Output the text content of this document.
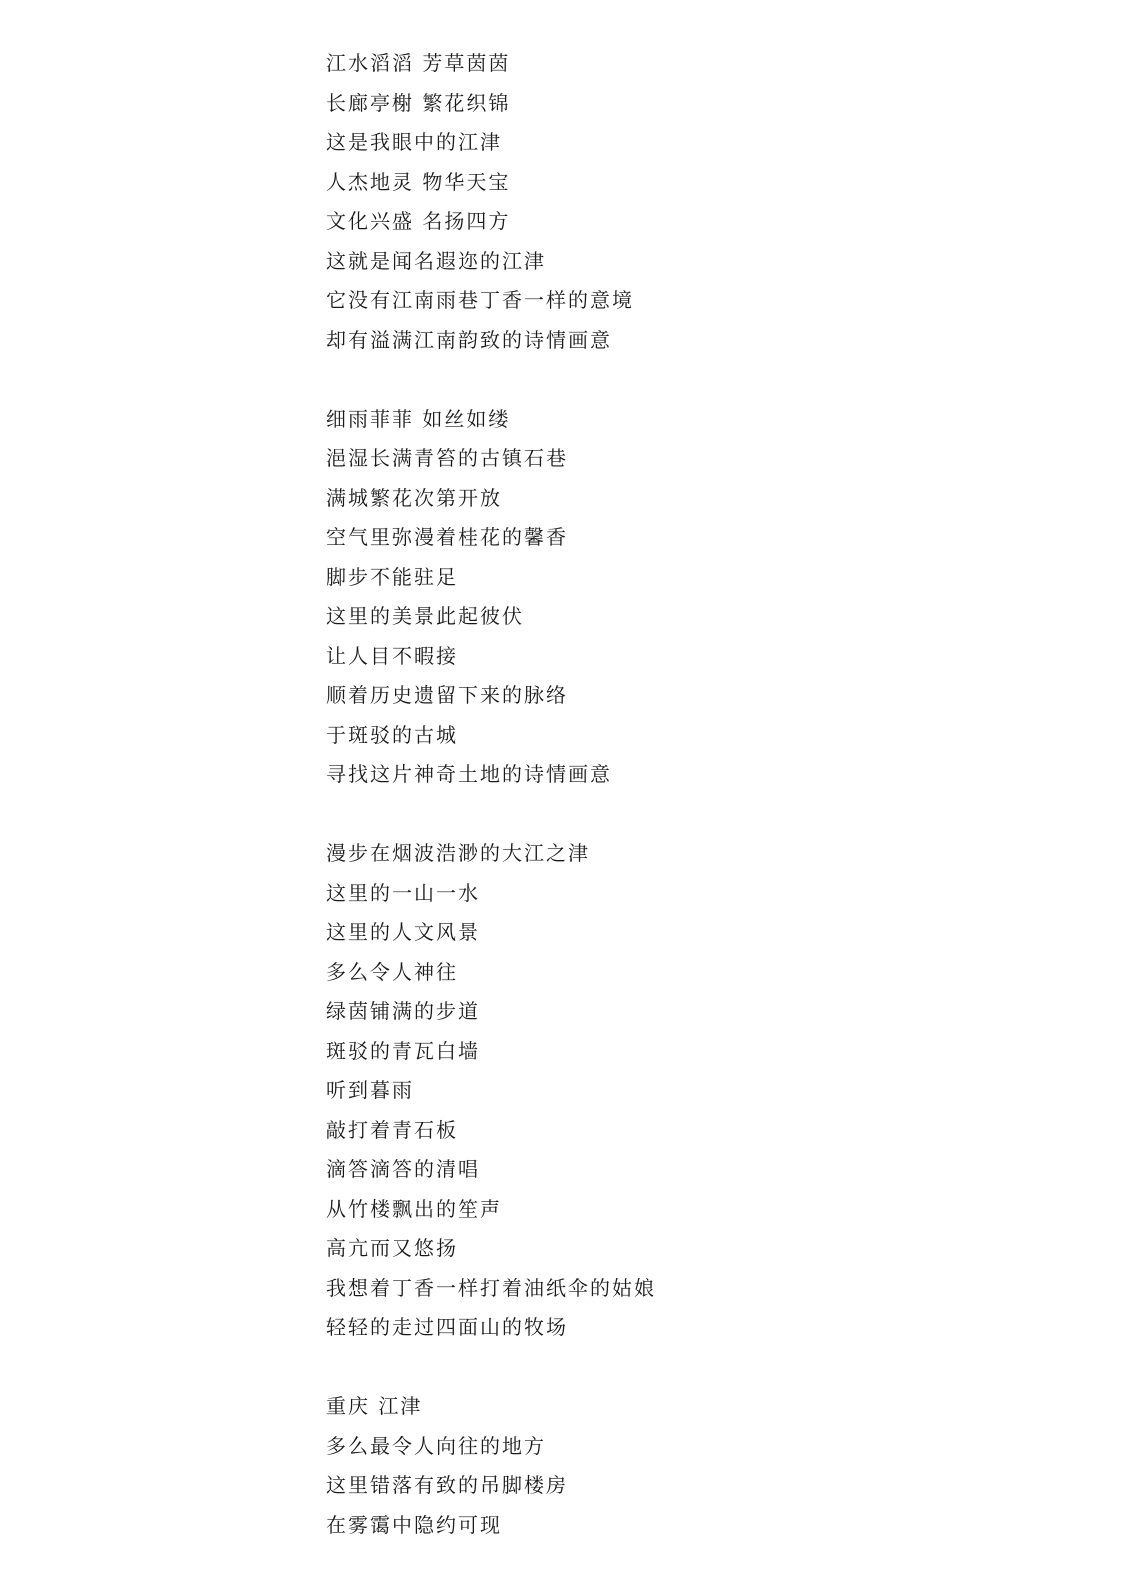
江水滔滔 芳草茵茵
长廊亭榭 繁花织锦
这是我眼中的江津
人杰地灵 物华天宝
文化兴盛 名扬四方
这就是闻名遐迩的江津
它没有江南雨巷丁香一样的意境
却有溢满江南韵致的诗情画意
细雨菲菲 如丝如缕
浥湿长满青笞的古镇石巷
满城繁花次第开放
空气里弥漫着桂花的馨香
脚步不能驻足
这里的美景此起彼伏
让人目不暇接
顺着历史遗留下来的脉络
于斑驳的古城
寻找这片神奇土地的诗情画意
漫步在烟波浩渺的大江之津
这里的一山一水
这里的人文风景
多么令人神往
绿茵铺满的步道
斑驳的青瓦白墙
听到暮雨
敲打着青石板
滴答滴答的清唱
从竹楼飘出的笙声
高亢而又悠扬
我想着丁香一样打着油纸伞的姑娘
轻轻的走过四面山的牧场
重庆 江津
多么最令人向往的地方
这里错落有致的吊脚楼房
在雾霭中隐约可现
